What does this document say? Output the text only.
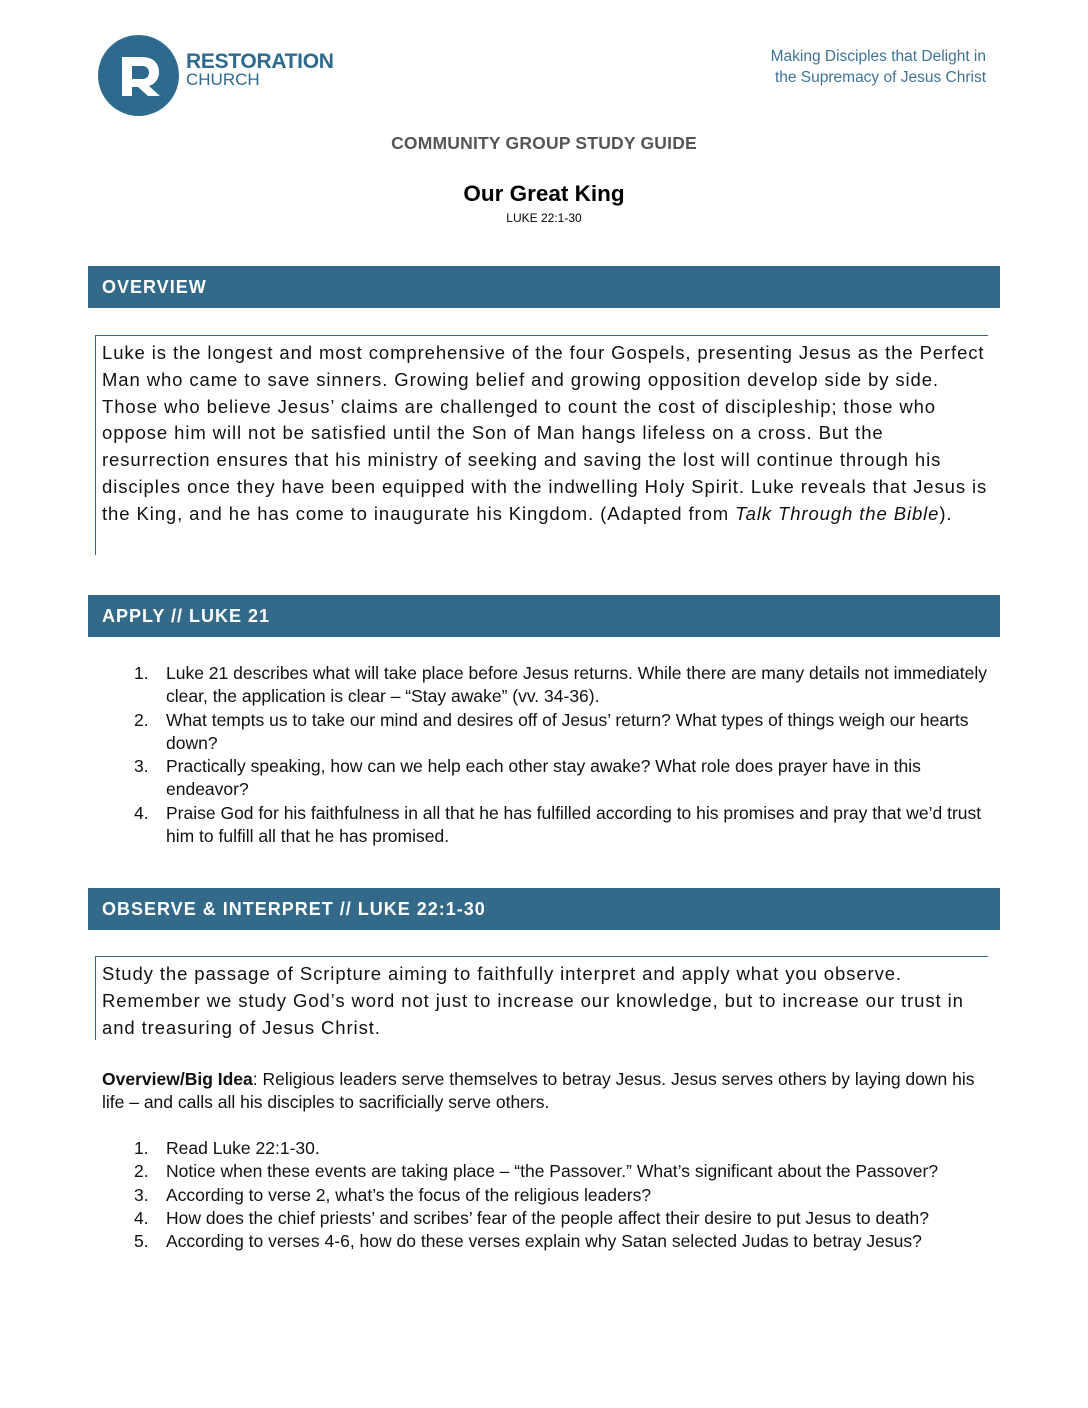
RESTORATION
CHURCH
Making Disciples that Delight in
the Supremacy of Jesus Christ
COMMUNITY GROUP STUDY GUIDE
Our Great King
LUKE 22:1-30
OVERVIEW
Luke is the longest and most comprehensive of the four Gospels, presenting Jesus as the Perfect Man who came to save sinners. Growing belief and growing opposition develop side by side. Those who believe Jesus’ claims are challenged to count the cost of discipleship; those who oppose him will not be satisfied until the Son of Man hangs lifeless on a cross. But the resurrection ensures that his ministry of seeking and saving the lost will continue through his disciples once they have been equipped with the indwelling Holy Spirit. Luke reveals that Jesus is the King, and he has come to inaugurate his Kingdom. (Adapted from Talk Through the Bible).
APPLY // LUKE 21
1. Luke 21 describes what will take place before Jesus returns. While there are many details not immediately clear, the application is clear – “Stay awake” (vv. 34-36).
2. What tempts us to take our mind and desires off of Jesus’ return? What types of things weigh our hearts down?
3. Practically speaking, how can we help each other stay awake? What role does prayer have in this endeavor?
4. Praise God for his faithfulness in all that he has fulfilled according to his promises and pray that we’d trust him to fulfill all that he has promised.
OBSERVE & INTERPRET // LUKE 22:1-30
Study the passage of Scripture aiming to faithfully interpret and apply what you observe. Remember we study God’s word not just to increase our knowledge, but to increase our trust in and treasuring of Jesus Christ.
Overview/Big Idea: Religious leaders serve themselves to betray Jesus. Jesus serves others by laying down his life – and calls all his disciples to sacrificially serve others.
1. Read Luke 22:1-30.
2. Notice when these events are taking place – “the Passover.” What’s significant about the Passover?
3. According to verse 2, what’s the focus of the religious leaders?
4. How does the chief priests’ and scribes’ fear of the people affect their desire to put Jesus to death?
5. According to verses 4-6, how do these verses explain why Satan selected Judas to betray Jesus?
